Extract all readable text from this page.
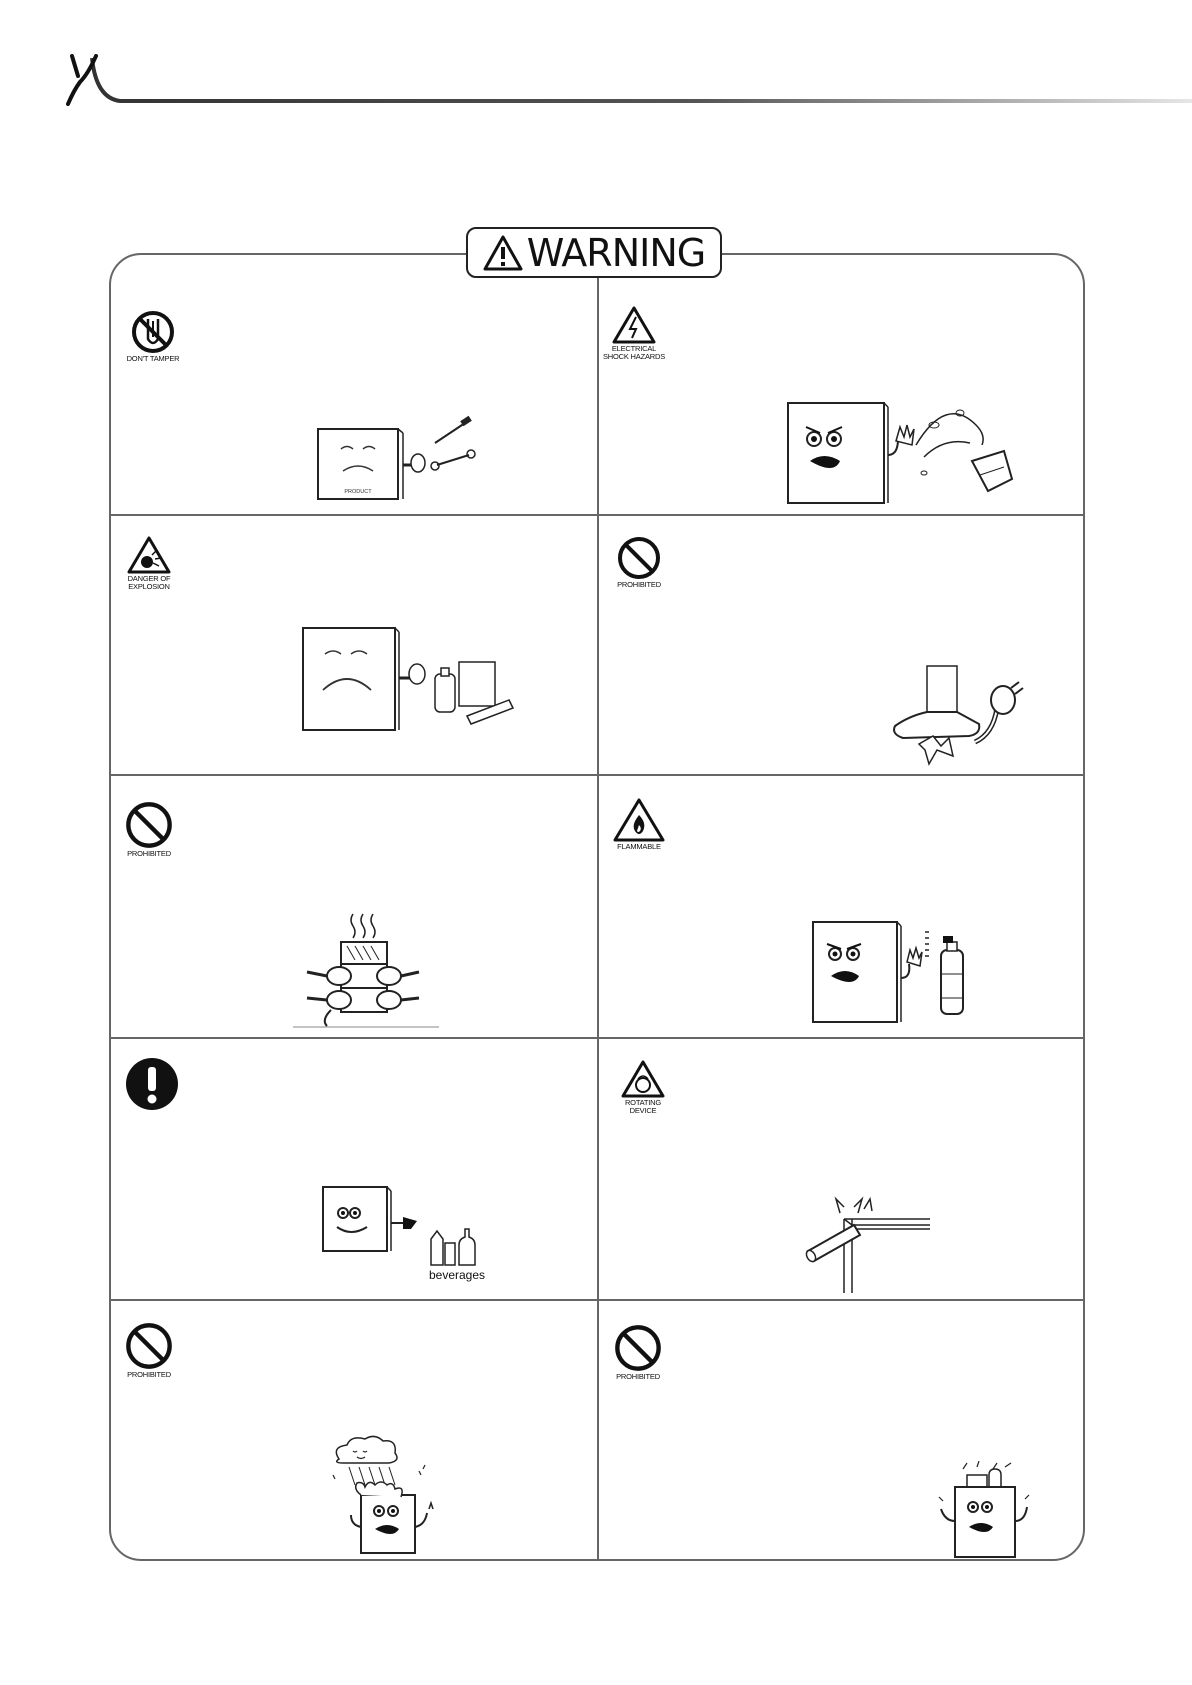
WARNING
DON'T TAMPER
PRODUCT
ELECTRICAL
SHOCK HAZARDS
DANGER OF
EXPLOSION	PROHIBITED
PROHIBITED
FLAMMABLE
beverages
ROTATING
DEVICE
PROHIBITED	PROHIBITED
